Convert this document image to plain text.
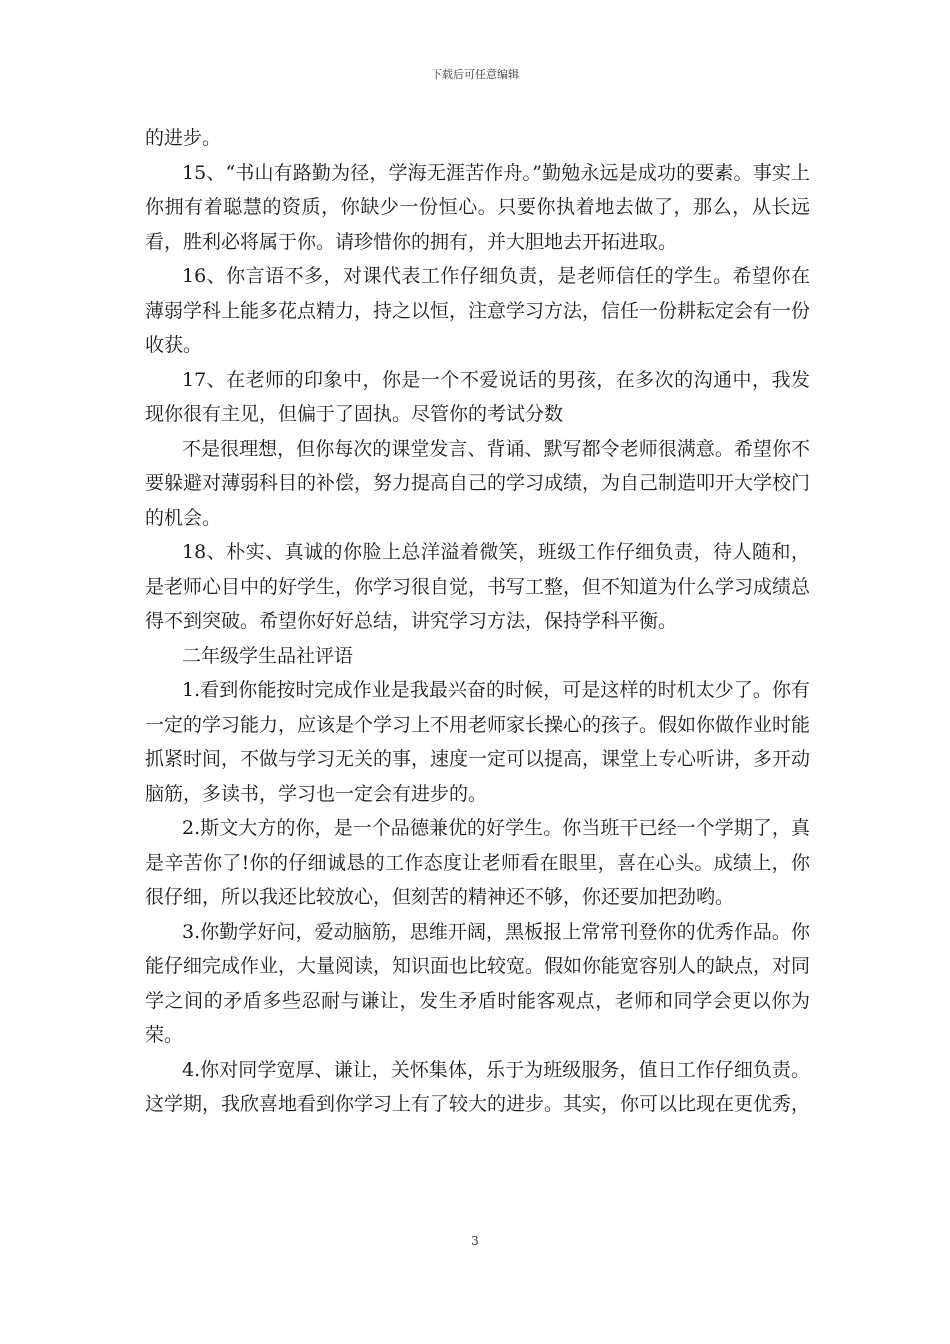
下载后可任意编辑

的进步。

15、“书山有路勤为径，学海无涯苦作舟。”勤勉永远是成功的要素。事实上你拥有着聪慧的资质，你缺少一份恒心。只要你执着地去做了，那么，从长远看，胜利必将属于你。请珍惜你的拥有，并大胆地去开拓进取。

16、你言语不多，对课代表工作仔细负责，是老师信任的学生。希望你在薄弱学科上能多花点精力，持之以恒，注意学习方法，信任一份耕耘定会有一份收获。

17、在老师的印象中，你是一个不爱说话的男孩，在多次的沟通中，我发现你很有主见，但偏于了固执。尽管你的考试分数

不是很理想，但你每次的课堂发言、背诵、默写都令老师很满意。希望你不要躲避对薄弱科目的补偿，努力提高自己的学习成绩，为自己制造叩开大学校门的机会。

18、朴实、真诚的你脸上总洋溢着微笑，班级工作仔细负责，待人随和，是老师心目中的好学生，你学习很自觉，书写工整，但不知道为什么学习成绩总得不到突破。希望你好好总结，讲究学习方法，保持学科平衡。

二年级学生品社评语

1.看到你能按时完成作业是我最兴奋的时候，可是这样的时机太少了。你有一定的学习能力，应该是个学习上不用老师家长操心的孩子。假如你做作业时能抓紧时间，不做与学习无关的事，速度一定可以提高，课堂上专心听讲，多开动脑筋，多读书，学习也一定会有进步的。

2.斯文大方的你，是一个品德兼优的好学生。你当班干已经一个学期了，真是辛苦你了!你的仔细诚恳的工作态度让老师看在眼里，喜在心头。成绩上，你很仔细，所以我还比较放心，但刻苦的精神还不够，你还要加把劲哟。

3.你勤学好问，爱动脑筋，思维开阔，黑板报上常常刊登你的优秀作品。你能仔细完成作业，大量阅读，知识面也比较宽。假如你能宽容别人的缺点，对同学之间的矛盾多些忍耐与谦让，发生矛盾时能客观点，老师和同学会更以你为荣。

4.你对同学宽厚、谦让，关怀集体，乐于为班级服务，值日工作仔细负责。这学期，我欣喜地看到你学习上有了较大的进步。其实，你可以比现在更优秀，

3
